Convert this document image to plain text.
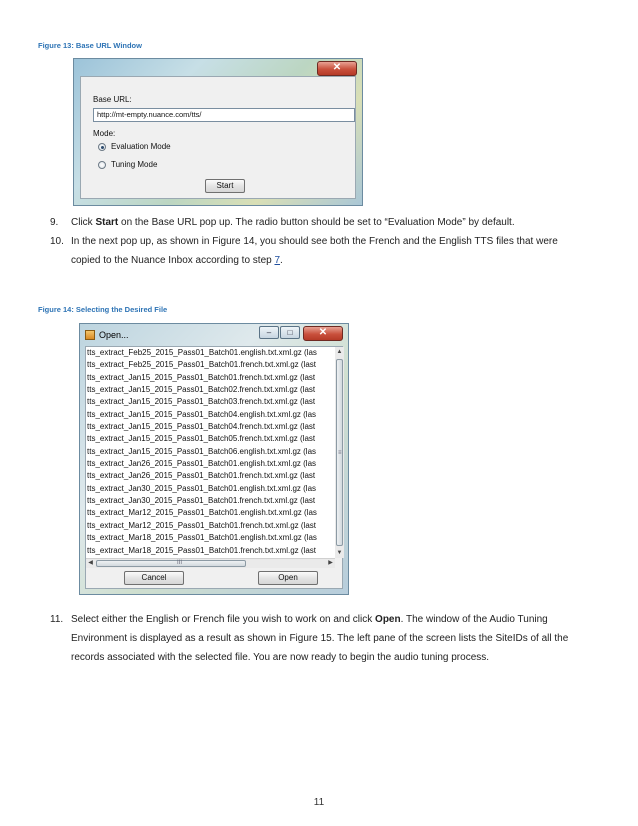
Figure 13: Base URL Window
✕
Base URL:
http://mt-empty.nuance.com/tts/
Mode:
Evaluation Mode
Tuning Mode
Start
9. Click Start on the Base URL pop up. The radio button should be set to “Evaluation Mode” by default.
10. In the next pop up, as shown in Figure 14, you should see both the French and the English TTS files that were
copied to the Nuance Inbox according to step 7.
Figure 14: Selecting the Desired File
Open...	–	□	✕
tts_extract_Feb25_2015_Pass01_Batch01.english.txt.xml.gz (las
tts_extract_Feb25_2015_Pass01_Batch01.french.txt.xml.gz (last
tts_extract_Jan15_2015_Pass01_Batch01.french.txt.xml.gz (last
tts_extract_Jan15_2015_Pass01_Batch02.french.txt.xml.gz (last
tts_extract_Jan15_2015_Pass01_Batch03.french.txt.xml.gz (last
tts_extract_Jan15_2015_Pass01_Batch04.english.txt.xml.gz (las
tts_extract_Jan15_2015_Pass01_Batch04.french.txt.xml.gz (last
tts_extract_Jan15_2015_Pass01_Batch05.french.txt.xml.gz (last
tts_extract_Jan15_2015_Pass01_Batch06.english.txt.xml.gz (las
tts_extract_Jan26_2015_Pass01_Batch01.english.txt.xml.gz (las
tts_extract_Jan26_2015_Pass01_Batch01.french.txt.xml.gz (last
tts_extract_Jan30_2015_Pass01_Batch01.english.txt.xml.gz (las
tts_extract_Jan30_2015_Pass01_Batch01.french.txt.xml.gz (last
tts_extract_Mar12_2015_Pass01_Batch01.english.txt.xml.gz (las
tts_extract_Mar12_2015_Pass01_Batch01.french.txt.xml.gz (last
tts_extract_Mar18_2015_Pass01_Batch01.english.txt.xml.gz (las
tts_extract_Mar18_2015_Pass01_Batch01.french.txt.xml.gz (last
▲
≡
▼
◀	III	▶
Cancel	Open
11. Select either the English or French file you wish to work on and click Open. The window of the Audio Tuning
Environment is displayed as a result as shown in Figure 15. The left pane of the screen lists the SiteIDs of all the
records associated with the selected file. You are now ready to begin the audio tuning process.
11
